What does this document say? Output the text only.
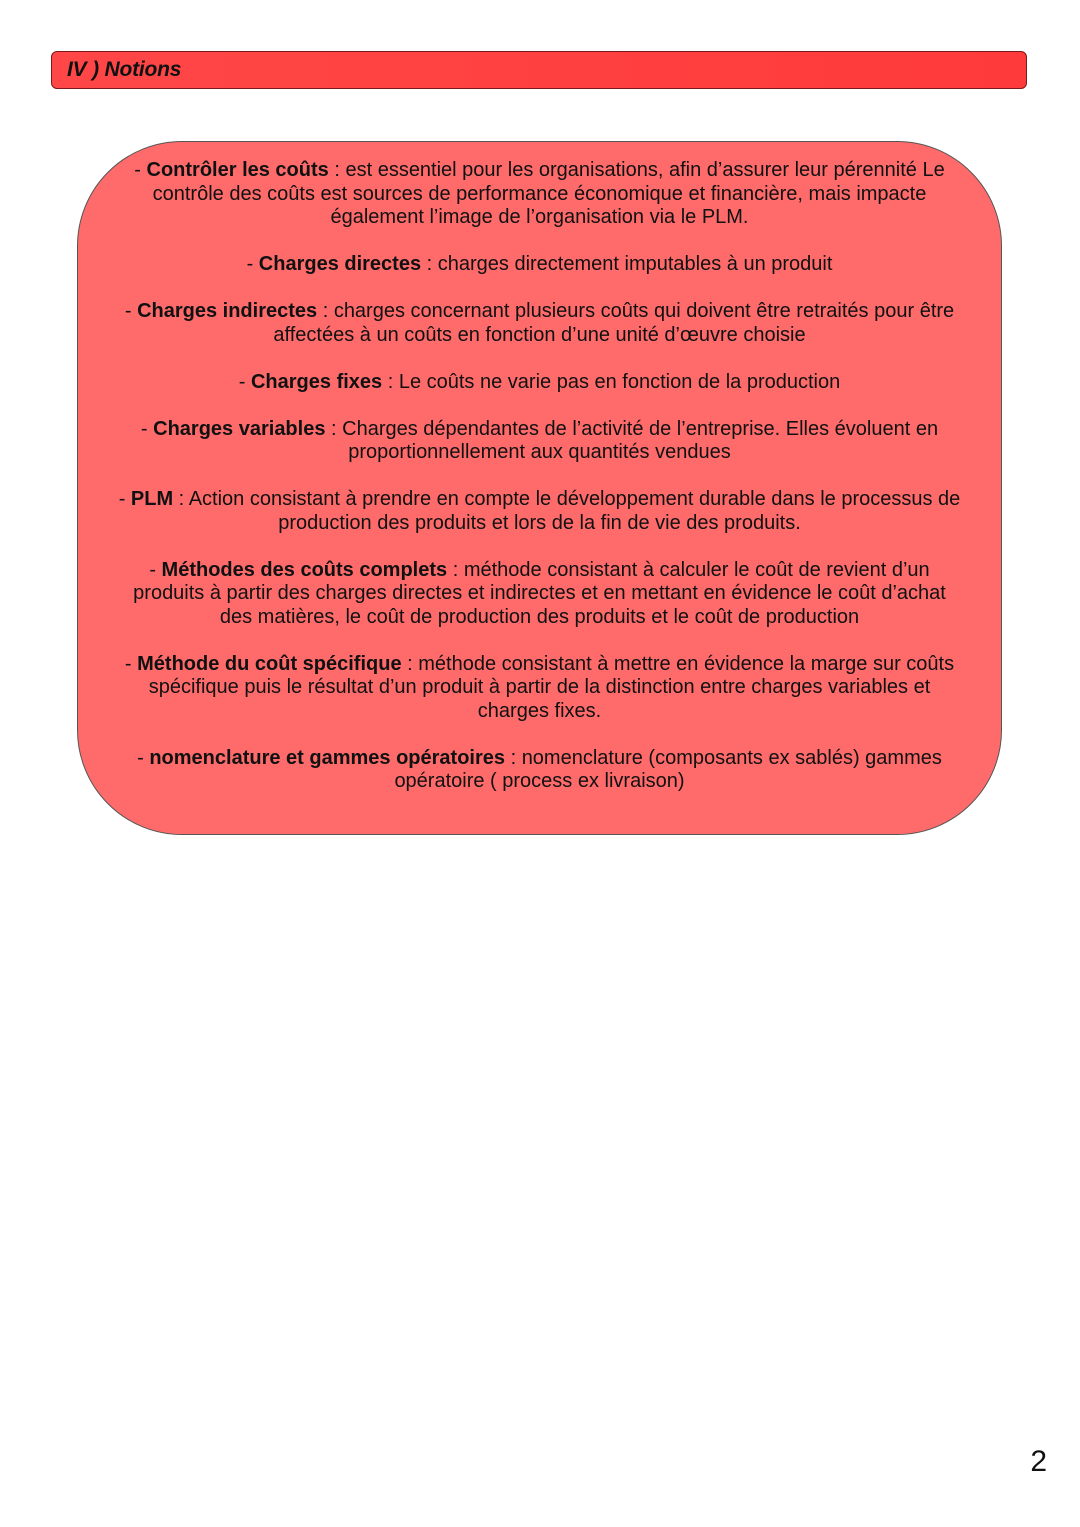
IV ) Notions

- Contrôler les coûts : est essentiel pour les organisations, afin d’assurer leur pérennité Le contrôle des coûts est sources de performance économique et financière, mais impacte également l’image de l’organisation via le PLM.

- Charges directes : charges directement imputables à un produit

- Charges indirectes : charges concernant plusieurs coûts qui doivent être retraités pour être affectées à un coûts en fonction d’une unité d’œuvre choisie

- Charges fixes : Le coûts ne varie pas en fonction de la production

- Charges variables : Charges dépendantes de l’activité de l’entreprise. Elles évoluent en proportionnellement aux quantités vendues

- PLM : Action consistant à prendre en compte le développement durable dans le processus de production des produits et lors de la fin de vie des produits.

- Méthodes des coûts complets : méthode consistant à calculer le coût de revient d’un produits à partir des charges directes et indirectes et en mettant en évidence le coût d’achat des matières, le coût de production des produits et le coût de production

- Méthode du coût spécifique : méthode consistant à mettre en évidence la marge sur coûts spécifique puis le résultat d’un produit à partir de la distinction entre charges variables et charges fixes.

- nomenclature et gammes opératoires : nomenclature (composants ex sablés) gammes opératoire ( process ex livraison)

2
